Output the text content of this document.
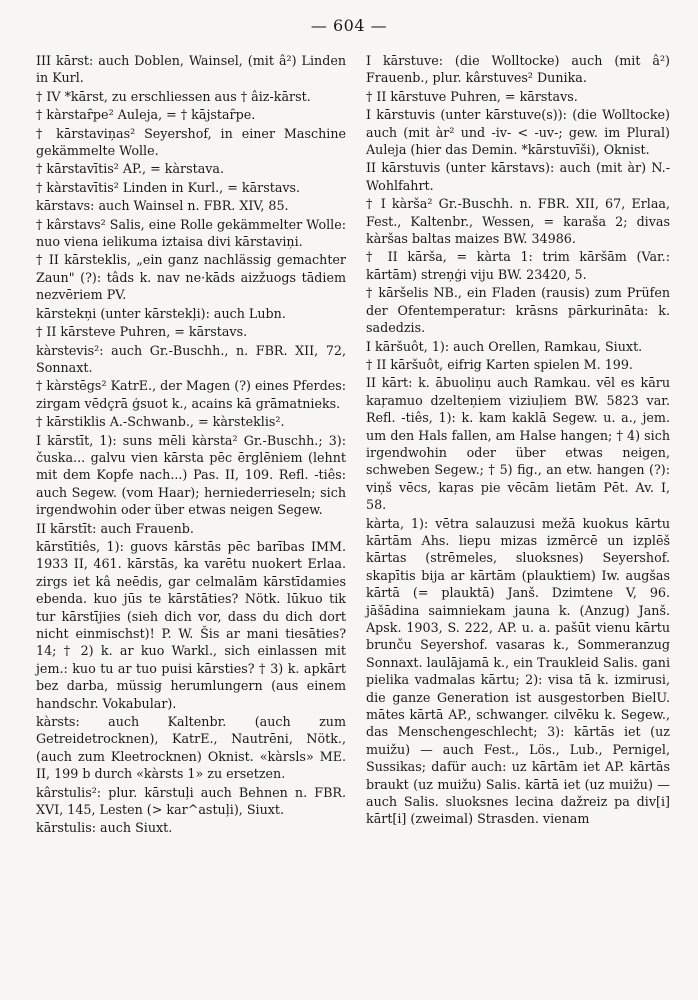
— 604 —

III kārst: auch Doblen, Wainsel, (mit â²) Linden in Kurl.

† IV *kārst, zu erschliessen aus † âiz-kārst.

† kàrstaȓpe² Auleja, = † kājstaȓpe.

† kārstaviņas² Seyershof, in einer Maschine gekämmelte Wolle.

† kārstavītis² AP., = kàrstava.

† kàrstavītis² Linden in Kurl., = kārstavs.

kārstavs: auch Wainsel n. FBR. XIV, 85.

† kârstavs² Salis, eine Rolle gekämmelter Wolle: nuo viena ielikuma iztaisa divi kārstaviņi.

† II kārsteklis, „ein ganz nachlässig gemachter Zaun" (?): tâds k. nav ne·kāds aizžuogs tādiem nezvēriem PV.

kārstekņi (unter kārstekļi): auch Lubn.

† II kārsteve Puhren, = kārstavs.

kàrstevis²: auch Gr.-Buschh., n. FBR. XII, 72, Sonnaxt.

† kàrstēgs² KatrE., der Magen (?) eines Pferdes: zirgam vēdçrā ģsuot k., acains kā grāmatnieks.

† kārstiklis A.-Schwanb., = kàrsteklis².

I kārstīt, 1): suns mēli kàrsta² Gr.-Buschh.; 3): čuska... galvu vien kārsta pēc ērglēniem (lehnt mit dem Kopfe nach...) Pas. II, 109. Refl. -tiês: auch Segew. (vom Haar); herniederrieseln; sich irgendwohin oder über etwas neigen Segew.

II kārstīt: auch Frauenb.

kārstītiês, 1): guovs kārstās pēc barības IMM. 1933 II, 461. kārstās, ka varētu nuokert Erlaa. zirgs iet kâ neēdis, gar celmalām kārstīdamies ebenda. kuo jūs te kārstāties? Nötk. lūkuo tik tur kārstījies (sieh dich vor, dass du dich dort nicht einmischst)! P. W. Šis ar mani tiesāties? 14; † 2) k. ar kuo Warkl., sich einlassen mit jem.: kuo tu ar tuo puisi kārsties? † 3) k. apkārt bez darba, müssig herumlungern (aus einem handschr. Vokabular).

kàrsts: auch Kaltenbr. (auch zum Getreidetrocknen), KatrE., Nautrēni, Nötk., (auch zum Kleetrocknen) Oknist. «kàrsls» ME. II, 199 b durch «kàrsts 1» zu ersetzen.

kârstulis²: plur. kārstuļi auch Behnen n. FBR. XVI, 145, Lesten (> kar^astuļi), Siuxt.

kārstulis: auch Siuxt.

I kārstuve: (die Wolltocke) auch (mit â²) Frauenb., plur. kârstuves² Dunika.

† II kārstuve Puhren, = kārstavs.

I kārstuvis (unter kārstuve(s)): (die Wolltocke) auch (mit àr² und -iv- < -uv-; gew. im Plural) Auleja (hier das Demin. *kārstuvīši), Oknist.

II kārstuvis (unter kārstavs): auch (mit àr) N.-Wohlfahrt.

† I kàrša² Gr.-Buschh. n. FBR. XII, 67, Erlaa, Fest., Kaltenbr., Wessen, = karaša 2; divas kàršas baltas maizes BW. 34986.

† II kārša, = kàrta 1: trim kāršām (Var.: kārtām) streņģi viju BW. 23420, 5.

† kāršelis NB., ein Fladen (rausis) zum Prüfen der Ofentemperatur: krāsns pārkurināta: k. sadedzis.

I kāršuôt, 1): auch Orellen, Ramkau, Siuxt.

† II kāršuôt, eifrig Karten spielen M. 199.

II kārt: k. ābuoliņu auch Ramkau. vēl es kāru kaŗamuo dzelteņiem viziuļiem BW. 5823 var. Refl. -tiês, 1): k. kam kaklā Segew. u. a., jem. um den Hals fallen, am Halse hangen; † 4) sich irgendwohin oder über etwas neigen, schweben Segew.; † 5) fig., an etw. hangen (?): viņš vēcs, kaŗas pie vēcām lietām Pēt. Av. I, 58.

kàrta, 1): vētra salauzusi mežā kuokus kārtu kārtām Ahs. liepu mizas izmērcē un izplēš kārtas (strēmeles, sluoksnes) Seyershof. skapītis bija ar kārtām (plauktiem) Iw. augšas kārtā (= plauktā) Janš. Dzimtene V, 96. jāšādina saimniekam jauna k. (Anzug) Janš. Apsk. 1903, S. 222, AP. u. a. pašūt vienu kārtu brunču Seyershof. vasaras k., Sommeranzug Sonnaxt. laulājamā k., ein Traukleid Salis. gani pielika vadmalas kārtu; 2): visa tā k. izmirusi, die ganze Generation ist ausgestorben BielU. mātes kārtā AP., schwanger. cilvēku k. Segew., das Menschengeschlecht; 3): kārtās iet (uz muižu) — auch Fest., Lös., Lub., Pernigel, Sussikas; dafür auch: uz kārtām iet AP. kārtās braukt (uz muižu) Salis. kārtā iet (uz muižu) — auch Salis. sluoksnes lecina dažreiz pa div[i] kārt[i] (zweimal) Strasden. vienam
